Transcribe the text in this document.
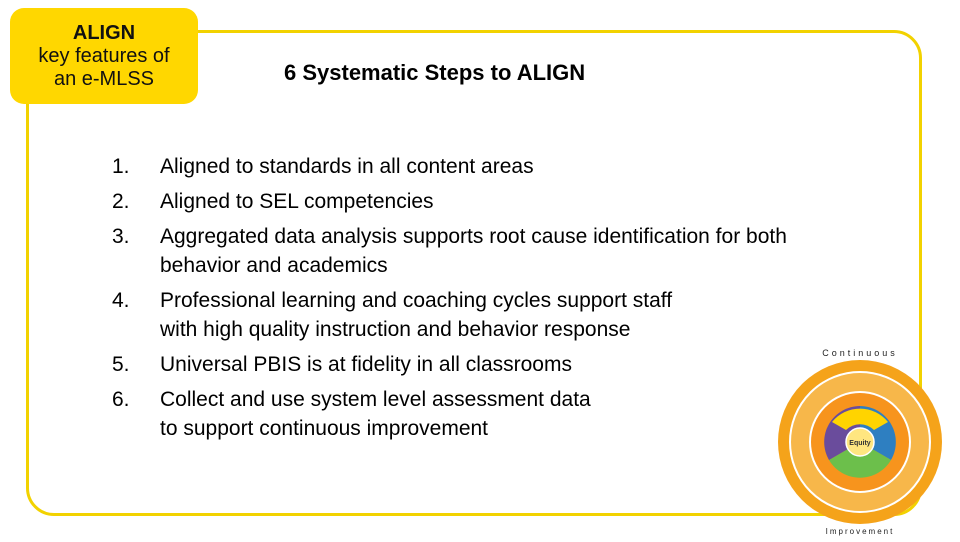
ALIGN
key features of
an e-MLSS	6 Systematic Steps to ALIGN
1. Aligned to standards in all content areas
2. Aligned to SEL competencies
3. Aggregated data analysis supports root cause identification for both
behavior and academics
4. Professional learning and coaching cycles support staff
with high quality instruction and behavior response
5. Universal PBIS is at fidelity in all classrooms
6. Collect and use system level assessment data
to support continuous improvement
Continuous
Equity
Improvement
